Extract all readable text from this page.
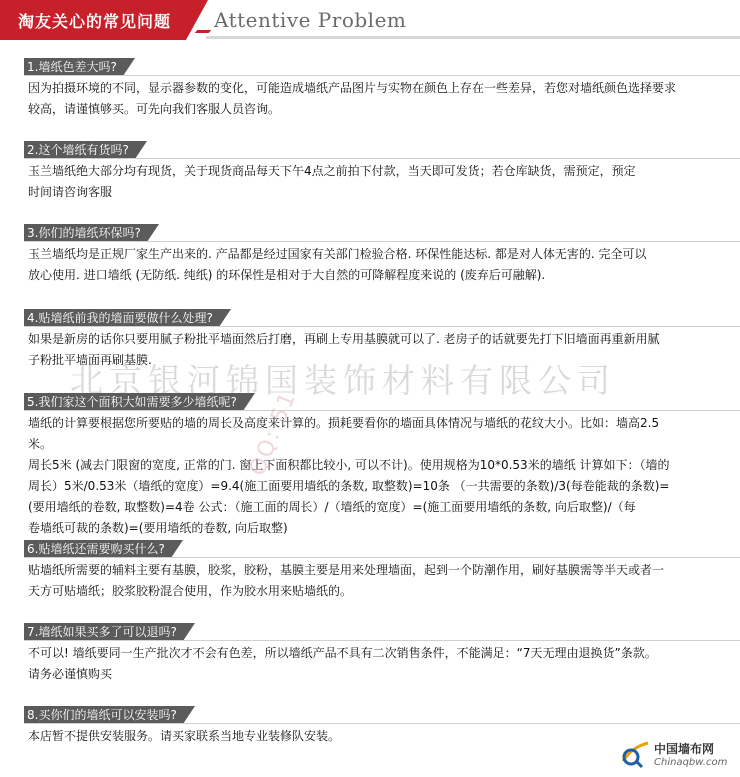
淘友关心的常见问题 Attentive Problem
1.墙纸色差大吗?

因为拍摄环境的不同，显示器参数的变化，可能造成墙纸产品图片与实物在颜色上存在一些差异，若您对墙纸颜色选择要求

较高，请谨慎够买。可先向我们客服人员咨询。

2.这个墙纸有货吗?

玉兰墙纸绝大部分均有现货，关于现货商品每天下午4点之前拍下付款，当天即可发货；若仓库缺货，需预定，预定

时间请咨询客服

3.你们的墙纸环保吗?

玉兰墙纸均是正规厂家生产出来的. 产品都是经过国家有关部门检验合格. 环保性能达标. 都是对人体无害的. 完全可以

放心使用. 进口墙纸 (无防纸. 纯纸) 的环保性是相对于大自然的可降解程度来说的 (废弃后可融解).

4.贴墙纸前我的墙面要做什么处理?

如果是新房的话你只要用腻子粉批平墙面然后打磨，再刷上专用基膜就可以了. 老房子的话就要先打下旧墙面再重新用腻

子粉批平墙面再刷基膜.

5.我们家这个面积大如需要多少墙纸呢?

墙纸的计算要根据您所要贴的墙的周长及高度来计算的。损耗要看你的墙面具体情况与墙纸的花纹大小。比如：墙高2.5米。

周长5米 (减去门限窗的宽度, 正常的门. 窗上下面积都比较小, 可以不计)。使用规格为10*0.53米的墙纸 计算如下：（墙的

周长）5米/0.53米（墙纸的宽度）=9.4(施工面要用墙纸的条数, 取整数)=10条 （一共需要的条数)/3(每卷能裁的条数)=

(要用墙纸的卷数, 取整数)=4卷 公式：（施工面的周长）/（墙纸的宽度）=(施工面要用墙纸的条数, 向后取整)/（每

卷墙纸可裁的条数)=(要用墙纸的卷数, 向后取整)

6.贴墙纸还需要购买什么?

贴墙纸所需要的辅料主要有基膜，胶浆，胶粉，基膜主要是用来处理墙面，起到一个防潮作用，刷好基膜需等半天或者一

天方可贴墙纸；胶浆胶粉混合使用，作为胶水用来贴墙纸的。

7.墙纸如果买多了可以退吗?

不可以! 墙纸要同一生产批次才不会有色差，所以墙纸产品不具有二次销售条件，不能满足：“7天无理由退换货”条款。

请务必谨慎购买

8.买你们的墙纸可以安装吗?

本店暂不提供安装服务。请买家联系当地专业装修队安装。

北京银河锦国装饰材料有限公司
QQ: 51
中国墙布网
Chinaqbw.com
